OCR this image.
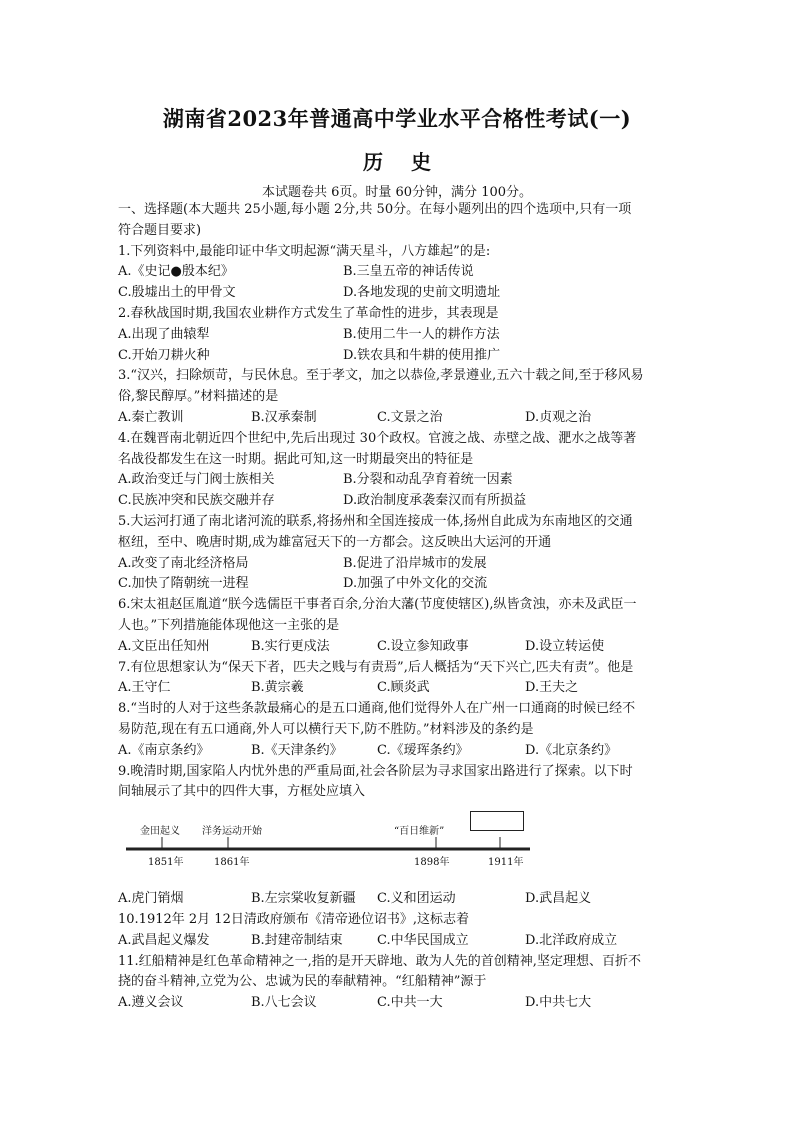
湖南省2023年普通高中学业水平合格性考试(一)
历 史
本试题卷共 6页。时量 60分钟，满分 100分。
一、选择题(本大题共 25小题,每小题 2分,共 50分。在每小题列出的四个选项中,只有一项
符合题目要求)
1.下列资料中,最能印证中华文明起源“满天星斗，八方雄起”的是:
A.《史记●殷本纪》	B.三皇五帝的神话传说
C.殷墟出土的甲骨文	D.各地发现的史前文明遗址
2.春秋战国时期,我国农业耕作方式发生了革命性的进步，其表现是
A.出现了曲辕犁	B.使用二牛一人的耕作方法
C.开始刀耕火种	D.铁农具和牛耕的使用推广
3.“汉兴，扫除烦苛，与民休息。至于孝文，加之以恭俭,孝景遵业,五六十载之间,至于移风易
俗,黎民醇厚。”材料描述的是
A.秦亡教训	B.汉承秦制	C.文景之治	D.贞观之治
4.在魏晋南北朝近四个世纪中,先后出现过 30个政权。官渡之战、赤壁之战、淝水之战等著
名战役都发生在这一时期。据此可知,这一时期最突出的特征是
A.政治变迁与门阀士族相关	B.分裂和动乱孕育着统一因素
C.民族冲突和民族交融并存	D.政治制度承袭秦汉而有所损益
5.大运河打通了南北诸河流的联系,将扬州和全国连接成一体,扬州自此成为东南地区的交通
枢纽，至中、晚唐时期,成为雄富冠天下的一方都会。这反映出大运河的开通
A.改变了南北经济格局	B.促进了沿岸城市的发展
C.加快了隋朝统一进程	D.加强了中外文化的交流
6.宋太祖赵匡胤道“朕今选儒臣干事者百余,分治大藩(节度使辖区),纵皆贪浊，亦未及武臣一
人也。”下列措施能体现他这一主张的是
A.文臣出任知州	B.实行更戍法	C.设立参知政事	D.设立转运使
7.有位思想家认为“保天下者，匹夫之贱与有责焉”,后人概括为“天下兴亡,匹夫有责”。他是
A.王守仁	B.黄宗羲	C.顾炎武	D.王夫之
8.“当时的人对于这些条款最痛心的是五口通商,他们觉得外人在广州一口通商的时候已经不
易防范,现在有五口通商,外人可以横行天下,防不胜防。”材料涉及的条约是
A.《南京条约》	B.《天津条约》	C.《瑷珲条约》	D.《北京条约》
9.晚清时期,国家陷人内忧外患的严重局面,社会各阶层为寻求国家出路进行了探索。以下时
间轴展示了其中的四件大事，方框处应填入
金田起义
1851年
洋务运动开始
1861年
“百日维新”
1898年	1911年
A.虎门销烟	B.左宗棠收复新疆	C.义和团运动	D.武昌起义
10.1912年 2月 12日清政府颁布《清帝逊位诏书》,这标志着
A.武昌起义爆发	B.封建帝制结束	C.中华民国成立	D.北洋政府成立
11.红船精神是红色革命精神之一,指的是开天辟地、敢为人先的首创精神,坚定理想、百折不
挠的奋斗精神,立党为公、忠诚为民的奉献精神。“红船精神”源于
A.遵义会议	B.八七会议	C.中共一大	D.中共七大
